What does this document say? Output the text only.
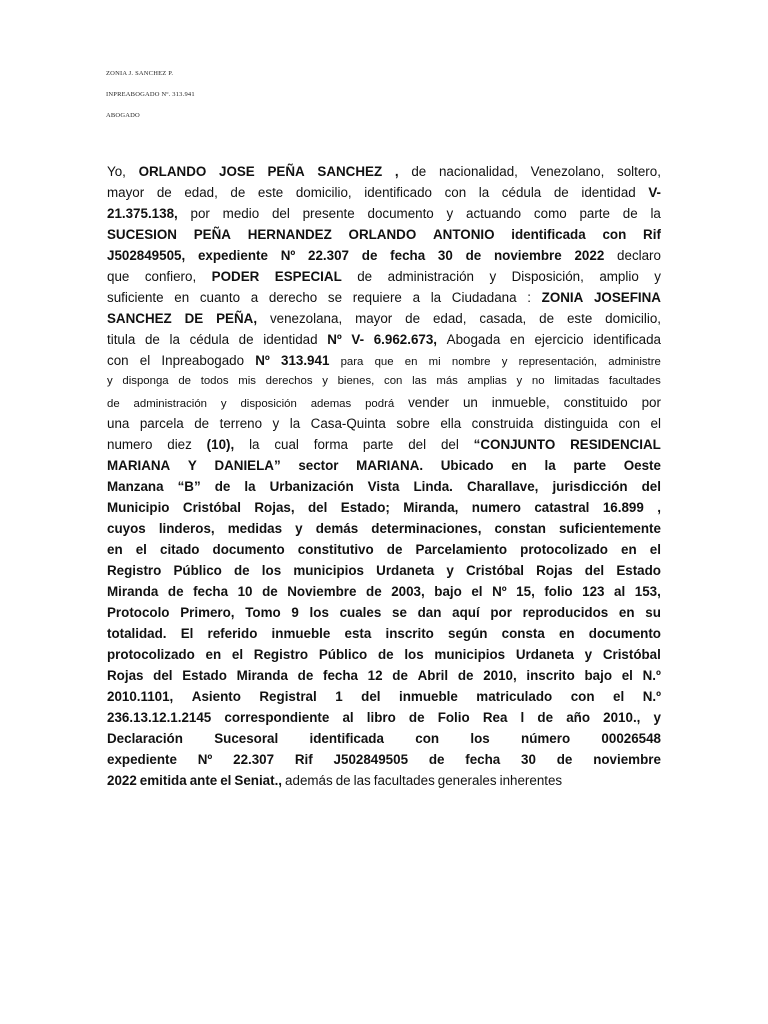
ZONIA J. SANCHEZ P.
INPREABOGADO Nº. 313.941
ABOGADO
Yo, ORLANDO JOSE PEÑA SANCHEZ , de nacionalidad, Venezolano, soltero,
mayor de edad, de este domicilio, identificado con la cédula de identidad V-
21.375.138, por medio del presente documento y actuando como parte de la
SUCESION PEÑA HERNANDEZ ORLANDO ANTONIO identificada con Rif
J502849505, expediente Nº 22.307 de fecha 30 de noviembre 2022 declaro
que confiero, PODER ESPECIAL de administración y Disposición, amplio y
suficiente en cuanto a derecho se requiere a la Ciudadana : ZONIA JOSEFINA
SANCHEZ DE PEÑA, venezolana, mayor de edad, casada, de este domicilio,
titula de la cédula de identidad Nº V- 6.962.673, Abogada en ejercicio identificada
con el Inpreabogado Nº 313.941 para que en mi nombre y representación, administre
y disponga de todos mis derechos y bienes, con las más amplias y no limitadas facultades
de administración y disposición ademas podrá vender un inmueble, constituido por
una parcela de terreno y la Casa-Quinta sobre ella construida distinguida con el
numero diez (10), la cual forma parte del del “CONJUNTO RESIDENCIAL
MARIANA Y DANIELA” sector MARIANA. Ubicado en la parte Oeste
Manzana “B” de la Urbanización Vista Linda. Charallave, jurisdicción del
Municipio Cristóbal Rojas, del Estado; Miranda, numero catastral 16.899 ,
cuyos linderos, medidas y demás determinaciones, constan suficientemente
en el citado documento constitutivo de Parcelamiento protocolizado en el
Registro Público de los municipios Urdaneta y Cristóbal Rojas del Estado
Miranda de fecha 10 de Noviembre de 2003, bajo el Nº 15, folio 123 al 153,
Protocolo Primero, Tomo 9 los cuales se dan aquí por reproducidos en su
totalidad. El referido inmueble esta inscrito según consta en documento
protocolizado en el Registro Público de los municipios Urdaneta y Cristóbal
Rojas del Estado Miranda de fecha 12 de Abril de 2010, inscrito bajo el N.º
2010.1101, Asiento Registral 1 del inmueble matriculado con el N.º
236.13.12.1.2145 correspondiente al libro de Folio Rea l de año 2010., y
Declaración Sucesoral identificada con los número 00026548
expediente Nº 22.307 Rif J502849505 de fecha 30 de noviembre
2022 emitida ante el Seniat., además de las facultades generales inherentes
